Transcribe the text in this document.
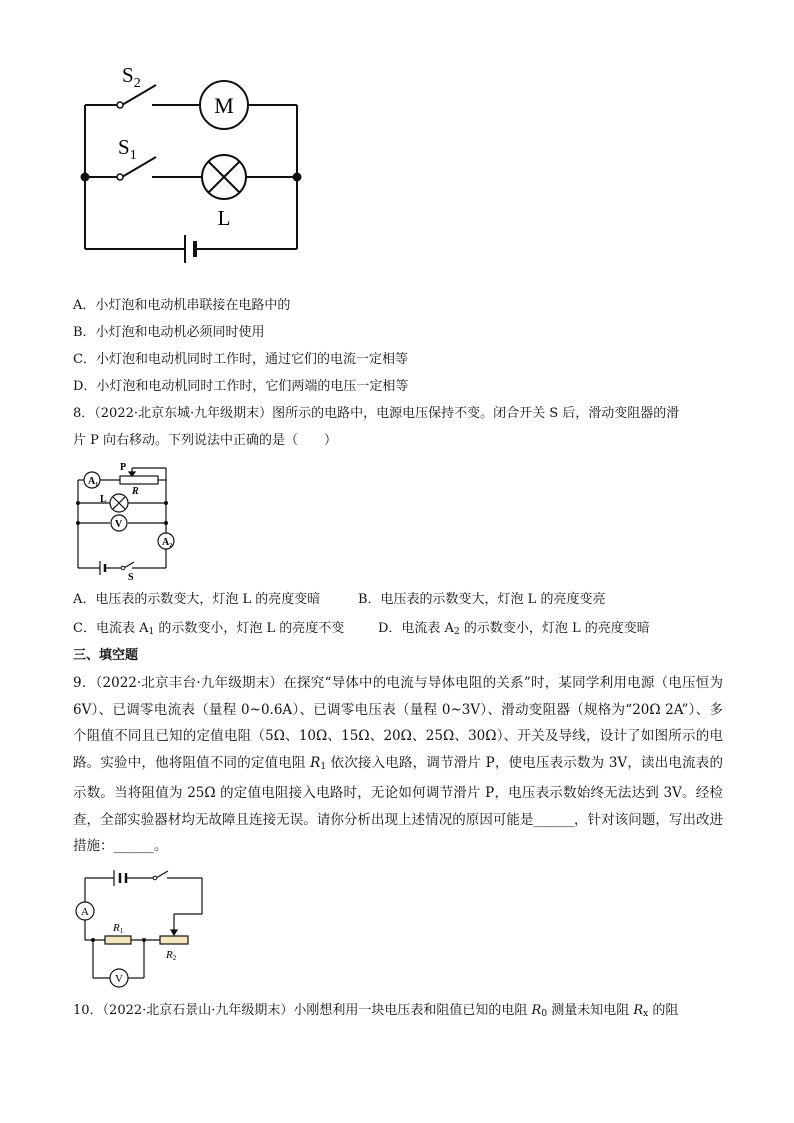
$S_2$
$S_1$
M
L
A．小灯泡和电动机串联接在电路中的
B．小灯泡和电动机必须同时使用
C．小灯泡和电动机同时工作时，通过它们的电流一定相等
D．小灯泡和电动机同时工作时，它们两端的电压一定相等
8．（2022·北京东城·九年级期末）图所示的电路中，电源电压保持不变。闭合开关 S 后，滑动变阻器的滑
片 P 向右移动。下列说法中正确的是（　　）
$A_1$
P
R
L
V
$A_2$
S
A．电压表的示数变大，灯泡 L 的亮度变暗	B．电压表的示数变大，灯泡 L 的亮度变亮
C．电流表 $A_1$ 的示数变小，灯泡 L 的亮度不变	D．电流表 $A_2$ 的示数变小，灯泡 L 的亮度变暗
三、填空题
9．（2022·北京丰台·九年级期末）在探究“导体中的电流与导体电阻的关系”时，某同学利用电源（电压恒为 6V）、已调零电流表（量程 0~0.6A）、已调零电压表（量程 0~3V）、滑动变阻器（规格为“20Ω 2A”）、多个阻值不同且已知的定值电阻（5Ω、10Ω、15Ω、20Ω、25Ω、30Ω）、开关及导线，设计了如图所示的电路。实验中，他将阻值不同的定值电阻 $R_1$ 依次接入电路，调节滑片 P，使电压表示数为 3V，读出电流表的示数。当将阻值为 25Ω 的定值电阻接入电路时，无论如何调节滑片 P，电压表示数始终无法达到 3V。经检查，全部实验器材均无故障且连接无误。请你分析出现上述情况的原因可能是______，针对该问题，写出改进措施：______。
A
R1
R2
V
10．（2022·北京石景山·九年级期末）小刚想利用一块电压表和阻值已知的电阻 $R_0$ 测量未知电阻 $R_x$ 的阻
